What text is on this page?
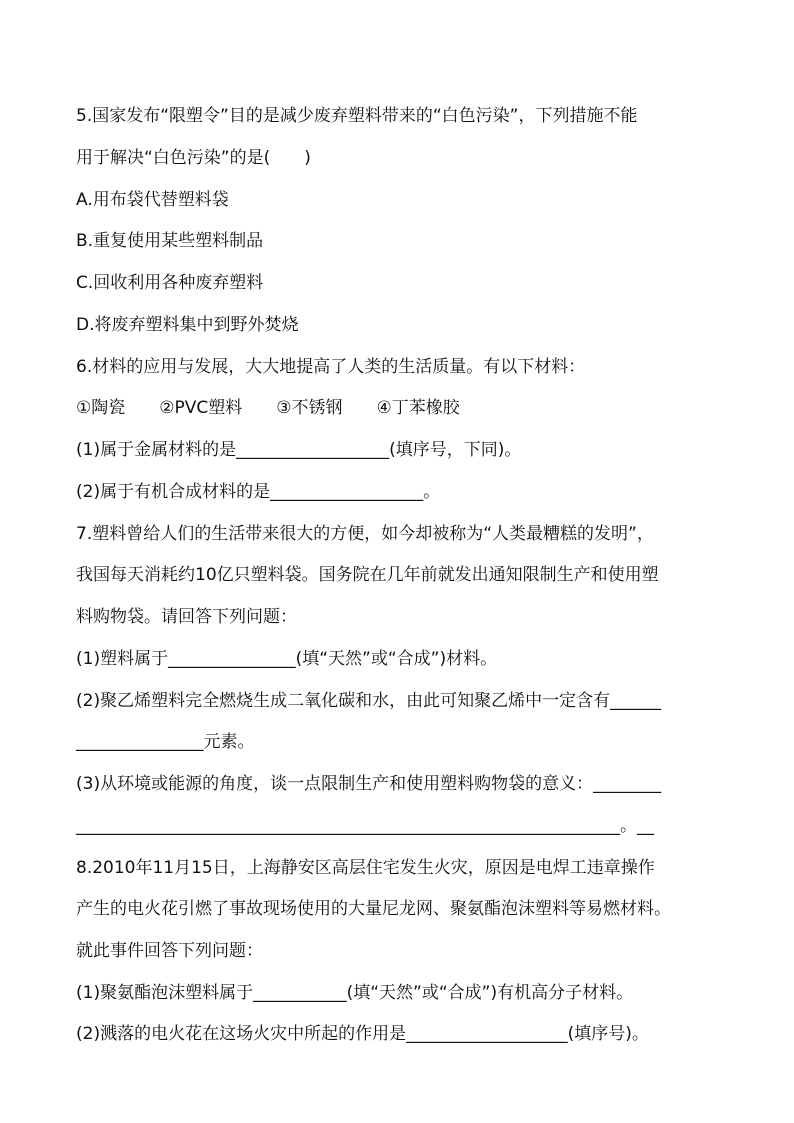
5.国家发布“限塑令”目的是减少废弃塑料带来的“白色污染”，下列措施不能
用于解决“白色污染”的是(　　)
A.用布袋代替塑料袋
B.重复使用某些塑料制品
C.回收利用各种废弃塑料
D.将废弃塑料集中到野外焚烧
6.材料的应用与发展，大大地提高了人类的生活质量。有以下材料：
①陶瓷　　②PVC塑料　　③不锈钢　　④丁苯橡胶
(1)属于金属材料的是__________________(填序号，下同)。
(2)属于有机合成材料的是__________________。
7.塑料曾给人们的生活带来很大的方便，如今却被称为“人类最糟糕的发明”，
我国每天消耗约10亿只塑料袋。国务院在几年前就发出通知限制生产和使用塑
料购物袋。请回答下列问题：
(1)塑料属于_______________(填“天然”或“合成”)材料。
(2)聚乙烯塑料完全燃烧生成二氧化碳和水，由此可知聚乙烯中一定含有______
_______________元素。
(3)从环境或能源的角度，谈一点限制生产和使用塑料购物袋的意义：________
________________________________________________________________。__
8.2010年11月15日，上海静安区高层住宅发生火灾，原因是电焊工违章操作
产生的电火花引燃了事故现场使用的大量尼龙网、聚氨酯泡沫塑料等易燃材料。
就此事件回答下列问题：
(1)聚氨酯泡沫塑料属于___________(填“天然”或“合成”)有机高分子材料。
(2)溅落的电火花在这场火灾中所起的作用是___________________(填序号)。
